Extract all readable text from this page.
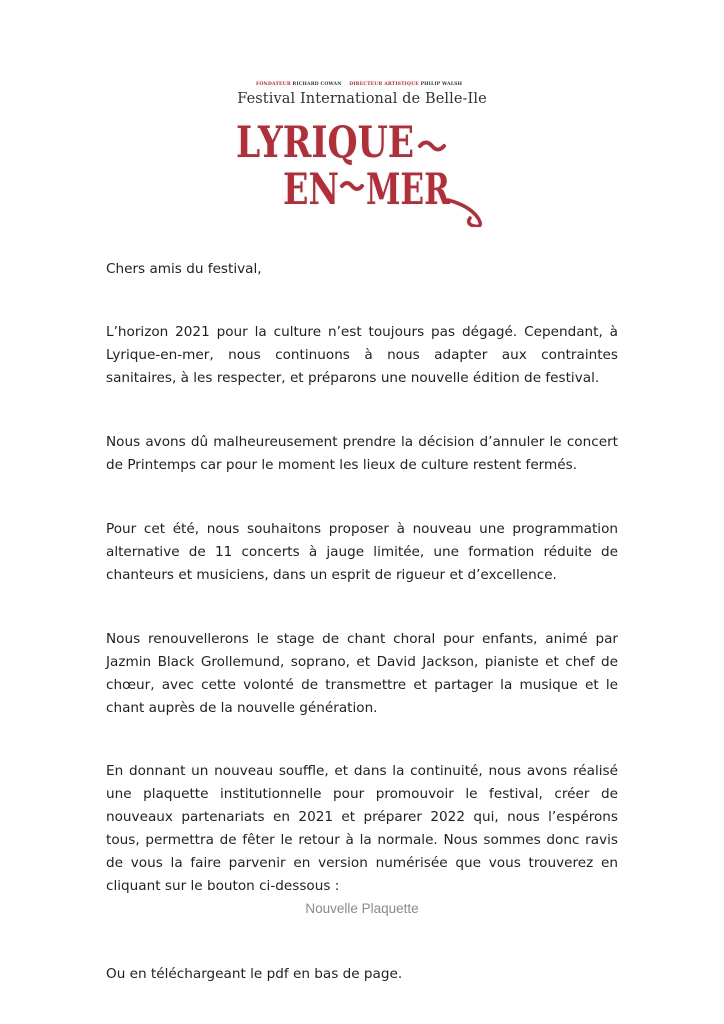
FONDATEUR RICHARD COWAN DIRECTEUR ARTISTIQUE PHILIP WALSH
Festival International de Belle-Ile
LYRIQUE
EN MER
Chers amis du festival,
L’horizon 2021 pour la culture n’est toujours pas dégagé. Cependant, à Lyrique-en-mer, nous continuons à nous adapter aux contraintes sanitaires, à les respecter, et préparons une nouvelle édition de festival.
Nous avons dû malheureusement prendre la décision d’annuler le concert de Printemps car pour le moment les lieux de culture restent fermés.
Pour cet été, nous souhaitons proposer à nouveau une programmation alternative de 11 concerts à jauge limitée, une formation réduite de chanteurs et musiciens, dans un esprit de rigueur et d’excellence.
Nous renouvellerons le stage de chant choral pour enfants, animé par Jazmin Black Grollemund, soprano, et David Jackson, pianiste et chef de chœur, avec cette volonté de transmettre et partager la musique et le chant auprès de la nouvelle génération.
En donnant un nouveau souffle, et dans la continuité, nous avons réalisé une plaquette institutionnelle pour promouvoir le festival, créer de nouveaux partenariats en 2021 et préparer 2022 qui, nous l’espérons tous, permettra de fêter le retour à la normale. Nous sommes donc ravis de vous la faire parvenir en version numérisée que vous trouverez en cliquant sur le bouton ci-dessous :
Nouvelle Plaquette
Ou en téléchargeant le pdf en bas de page.
